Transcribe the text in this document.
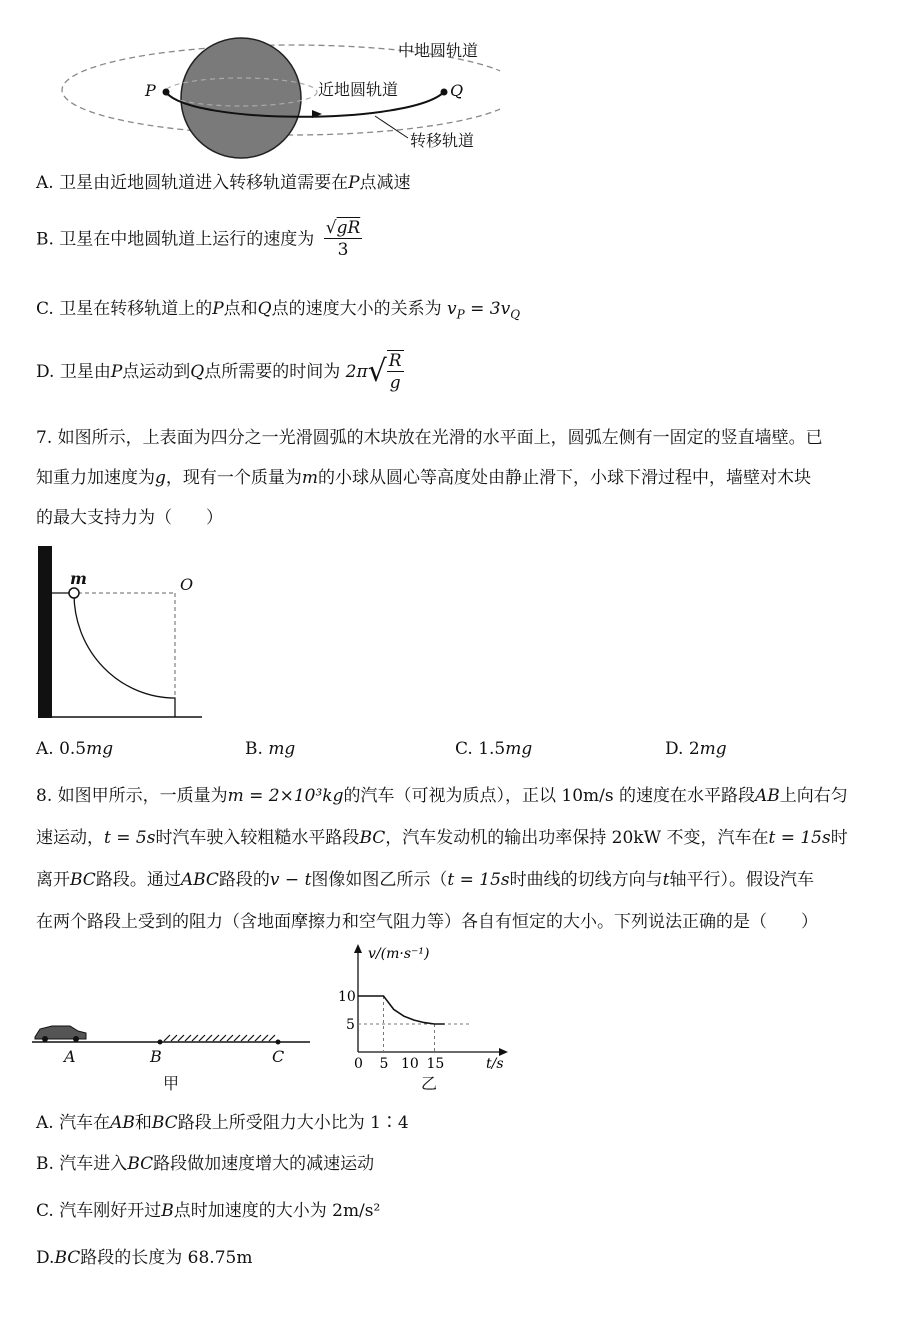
P	Q
中地圆轨道
近地圆轨道
转移轨道
A. 卫星由近地圆轨道进入转移轨道需要在P点减速
B. 卫星在中地圆轨道上运行的速度为 $\frac{√gR}{3}$
C. 卫星在转移轨道上的P点和Q点的速度大小的关系为 $v_P = 3v_Q$
D. 卫星由P点运动到Q点所需要的时间为 $2\pi√ \frac{R}{g}$
7. 如图所示，上表面为四分之一光滑圆弧的木块放在光滑的水平面上，圆弧左侧有一固定的竖直墙壁。已
知重力加速度为g，现有一个质量为m的小球从圆心等高度处由静止滑下，小球下滑过程中，墙壁对木块
的最大支持力为（　　）
m	O
A. 0.5mg	B. mg	C. 1.5mg	D. 2mg
8. 如图甲所示，一质量为m = 2×10³kg的汽车（可视为质点），正以 10m/s 的速度在水平路段AB上向右匀
速运动，t = 5s时汽车驶入较粗糙水平路段BC，汽车发动机的输出功率保持 20kW 不变，汽车在t = 15s时
离开BC路段。通过ABC路段的v − t图像如图乙所示（t = 15s时曲线的切线方向与t轴平行）。假设汽车
在两个路段上受到的阻力（含地面摩擦力和空气阻力等）各自有恒定的大小。下列说法正确的是（　　）
A	B	C
甲
0 5 10 15
5
10
v/(m·s⁻¹)
t/s
乙
A. 汽车在AB和BC路段上所受阻力大小比为 1∶4
B. 汽车进入BC路段做加速度增大的减速运动
C. 汽车刚好开过B点时加速度的大小为 2m/s²
D.BC路段的长度为 68.75m
